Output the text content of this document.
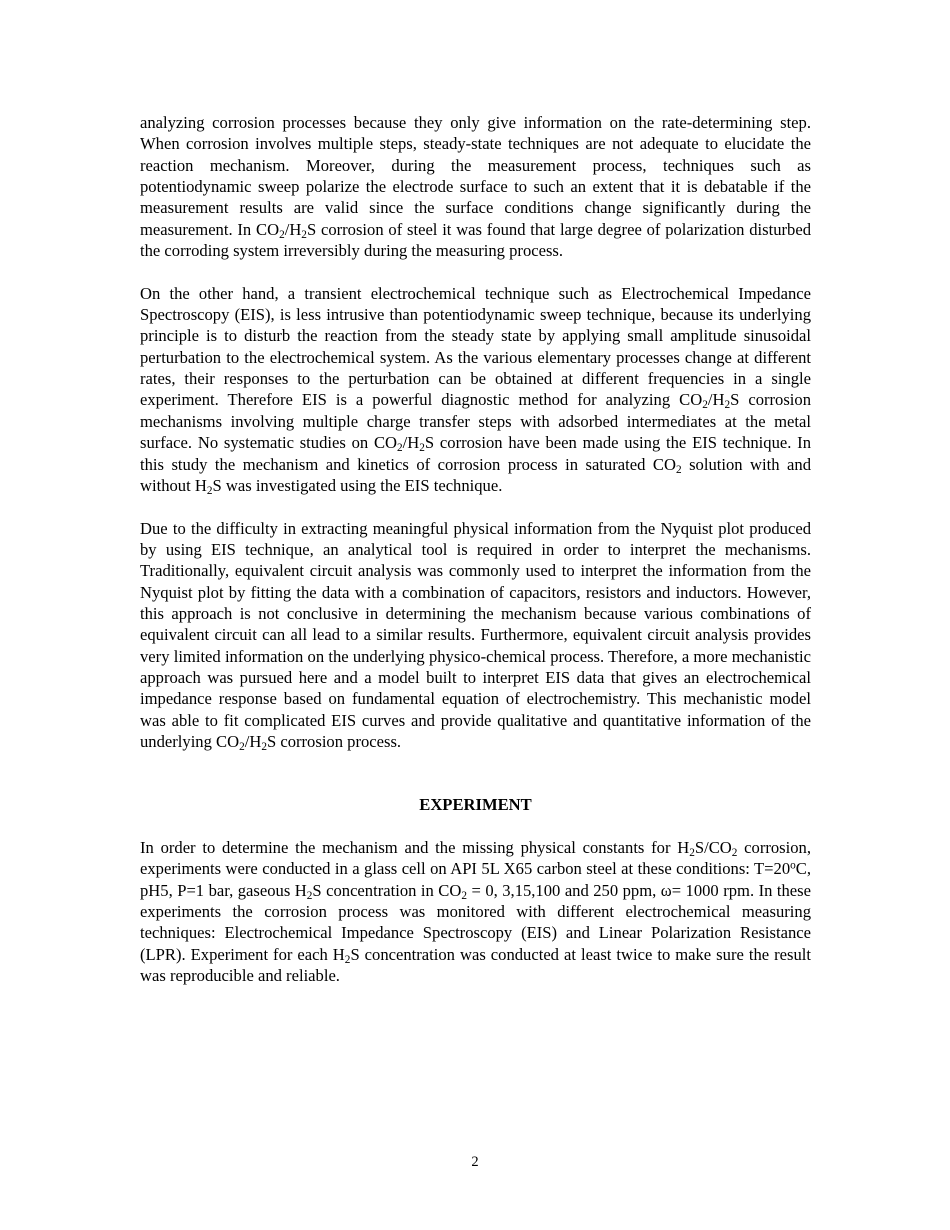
analyzing corrosion processes because they only give information on the rate-determining step. When corrosion involves multiple steps, steady-state techniques are not adequate to elucidate the reaction mechanism. Moreover, during the measurement process, techniques such as potentiodynamic sweep polarize the electrode surface to such an extent that it is debatable if the measurement results are valid since the surface conditions change significantly during the measurement. In $CO_2/H_2S$ corrosion of steel it was found that large degree of polarization disturbed the corroding system irreversibly during the measuring process.

On the other hand, a transient electrochemical technique such as Electrochemical Impedance Spectroscopy (EIS), is less intrusive than potentiodynamic sweep technique, because its underlying principle is to disturb the reaction from the steady state by applying small amplitude sinusoidal perturbation to the electrochemical system. As the various elementary processes change at different rates, their responses to the perturbation can be obtained at different frequencies in a single experiment. Therefore EIS is a powerful diagnostic method for analyzing $CO_2/H_2S$ corrosion mechanisms involving multiple charge transfer steps with adsorbed intermediates at the metal surface. No systematic studies on $CO_2/H_2S$ corrosion have been made using the EIS technique. In this study the mechanism and kinetics of corrosion process in saturated $CO_2$ solution with and without $H_2S$ was investigated using the EIS technique.

Due to the difficulty in extracting meaningful physical information from the Nyquist plot produced by using EIS technique, an analytical tool is required in order to interpret the mechanisms. Traditionally, equivalent circuit analysis was commonly used to interpret the information from the Nyquist plot by fitting the data with a combination of capacitors, resistors and inductors. However, this approach is not conclusive in determining the mechanism because various combinations of equivalent circuit can all lead to a similar results. Furthermore, equivalent circuit analysis provides very limited information on the underlying physico-chemical process. Therefore, a more mechanistic approach was pursued here and a model built to interpret EIS data that gives an electrochemical impedance response based on fundamental equation of electrochemistry. This mechanistic model was able to fit complicated EIS curves and provide qualitative and quantitative information of the underlying $CO_2/H_2S$ corrosion process.

EXPERIMENT

In order to determine the mechanism and the missing physical constants for $H_2S/CO_2$ corrosion, experiments were conducted in a glass cell on API 5L X65 carbon steel at these conditions: $T=20^oC$, pH5, P=1 bar, gaseous $H_2S$ concentration in $CO_2 = 0$, 3,15,100 and 250 ppm, ω= 1000 rpm. In these experiments the corrosion process was monitored with different electrochemical measuring techniques: Electrochemical Impedance Spectroscopy (EIS) and Linear Polarization Resistance (LPR). Experiment for each $H_2S$ concentration was conducted at least twice to make sure the result was reproducible and reliable.

2
